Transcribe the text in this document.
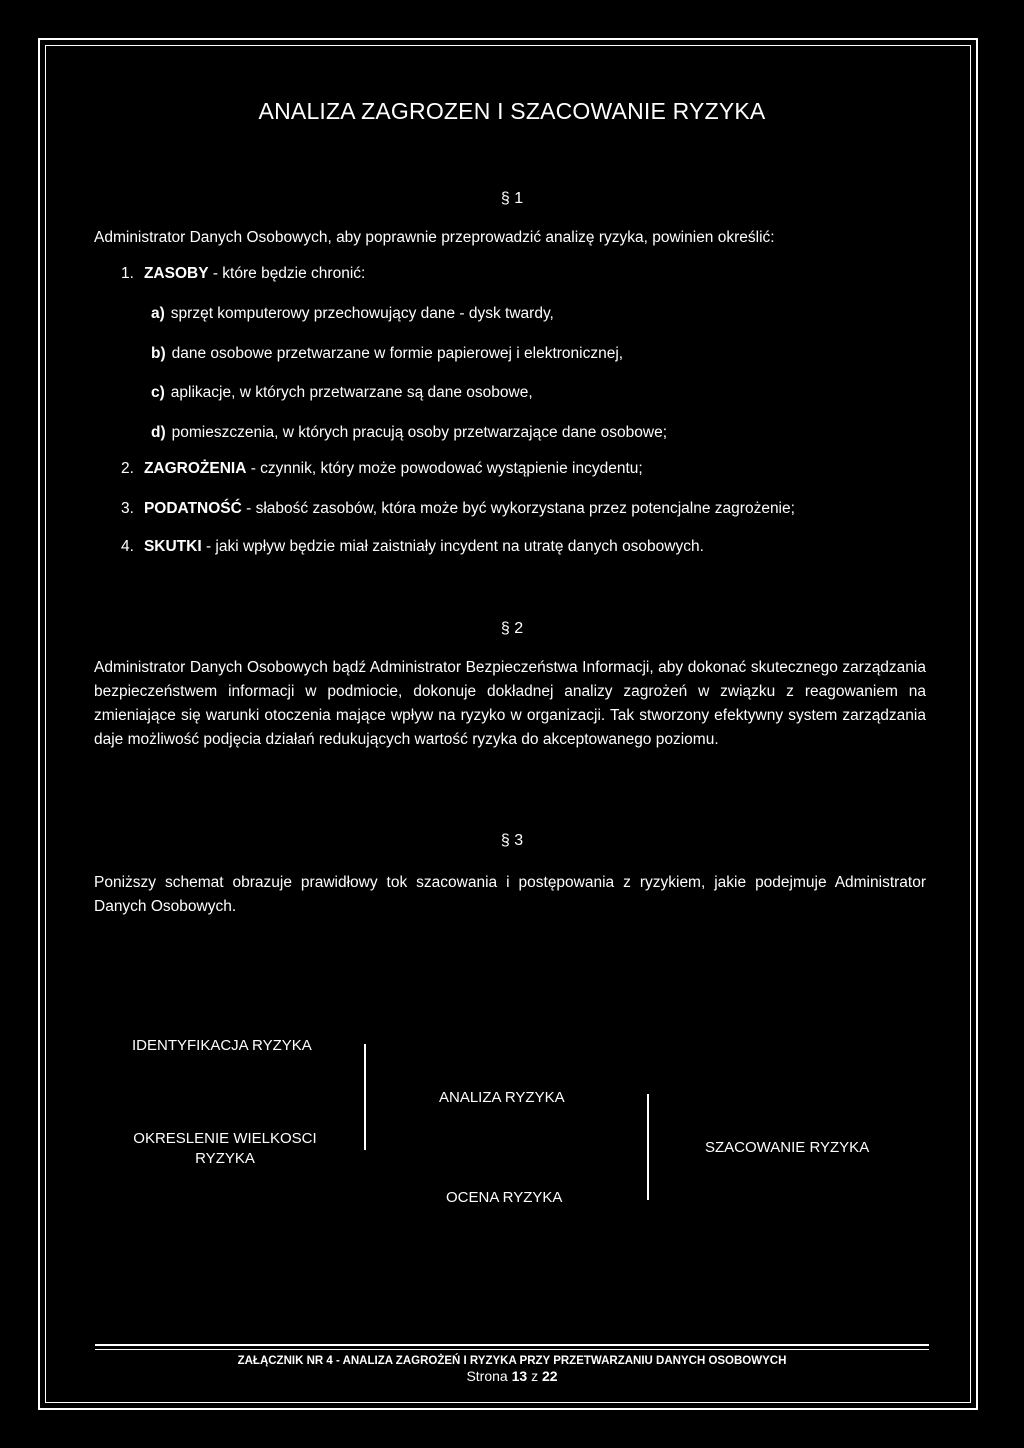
ANALIZA ZAGROZEN I SZACOWANIE RYZYKA
§ 1
Administrator Danych Osobowych, aby poprawnie przeprowadzić analizę ryzyka, powinien określić:
1. ZASOBY - które będzie chronić:
a) sprzęt komputerowy przechowujący dane - dysk twardy,
b) dane osobowe przetwarzane w formie papierowej i elektronicznej,
c) aplikacje, w których przetwarzane są dane osobowe,
d) pomieszczenia, w których pracują osoby przetwarzające dane osobowe;
2. ZAGROŻENIA - czynnik, który może powodować wystąpienie incydentu;
3. PODATNOŚĆ - słabość zasobów, która może być wykorzystana przez potencjalne zagrożenie;
4. SKUTKI - jaki wpływ będzie miał zaistniały incydent na utratę danych osobowych.
§ 2
Administrator Danych Osobowych bądź Administrator Bezpieczeństwa Informacji, aby dokonać skutecznego zarządzania bezpieczeństwem informacji w podmiocie, dokonuje dokładnej analizy zagrożeń w związku z reagowaniem na zmieniające się warunki otoczenia mające wpływ na ryzyko w organizacji. Tak stworzony efektywny system zarządzania daje możliwość podjęcia działań redukujących wartość ryzyka do akceptowanego poziomu.
§ 3
Poniższy schemat obrazuje prawidłowy tok szacowania i postępowania z ryzykiem, jakie podejmuje Administrator Danych Osobowych.
IDENTYFIKACJA RYZYKA
OKRESLENIE WIELKOSCI
RYZYKA
ANALIZA RYZYKA
OCENA RYZYKA
SZACOWANIE RYZYKA
ZAŁĄCZNIK NR 4 - ANALIZA ZAGROŻEŃ I RYZYKA PRZY PRZETWARZANIU DANYCH OSOBOWYCH
Strona 13 z 22
